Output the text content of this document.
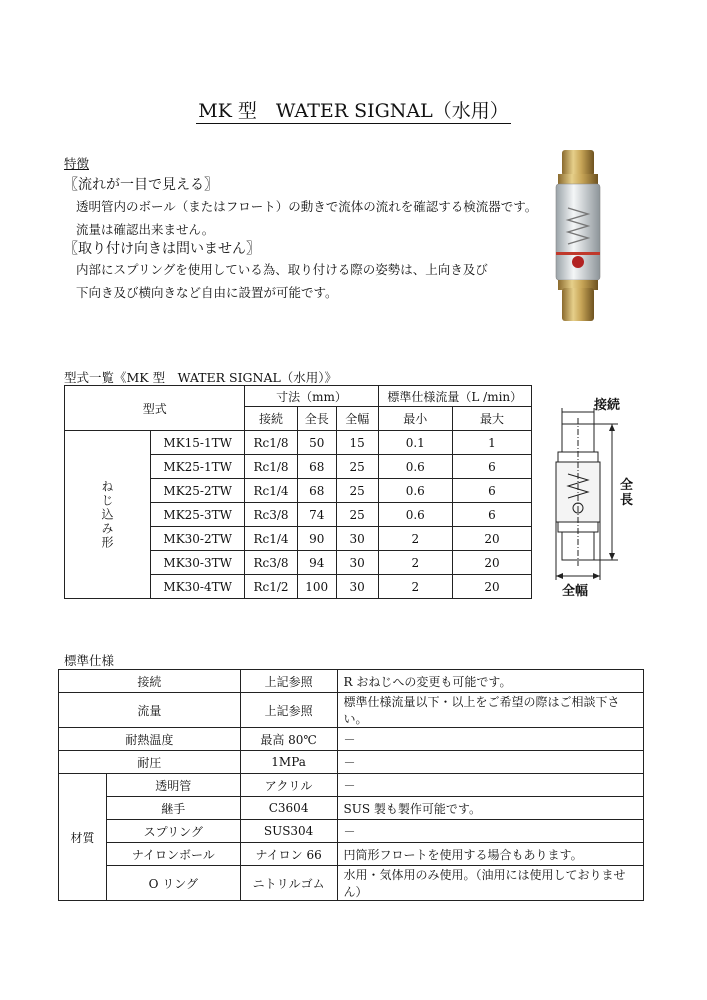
MK 型　WATER SIGNAL（水用）
特徴
〖流れが一目で見える〗
透明管内のボール（またはフロート）の動きで流体の流れを確認する検流器です。
流量は確認出来ません。
〖取り付け向きは問いません〗
内部にスプリングを使用している為、取り付ける際の姿勢は、上向き及び
下向き及び横向きなど自由に設置が可能です。
型式一覧《MK 型　WATER SIGNAL（水用）》
型式		寸法（mm）			標準仕様流量（L /min）	
		接続	全長	全幅	最小	最大

ねじ込み形	MK15-1TW	Rc1/8	50	15	0.1	1
	MK25-1TW	Rc1/8	68	25	0.6	6
	MK25-2TW	Rc1/4	68	25	0.6	6
	MK25-3TW	Rc3/8	74	25	0.6	6
	MK30-2TW	Rc1/4	90	30	2	20
	MK30-3TW	Rc3/8	94	30	2	20
	MK30-4TW	Rc1/2	100	30	2	20
接続
全長
全幅
標準仕様
接続		上記参照	R おねじへの変更も可能です。
流量		上記参照	標準仕様流量以下・以上をご希望の際はご相談下さい。
耐熱温度		最高 80℃	－
耐圧		1MPa	－
材質	透明管	アクリル	－
	継手	C3604	SUS 製も製作可能です。
	スプリング	SUS304	－
	ナイロンボール	ナイロン 66	円筒形フロートを使用する場合もあります。
	O リング	ニトリルゴム	水用・気体用のみ使用。（油用には使用しておりません）
